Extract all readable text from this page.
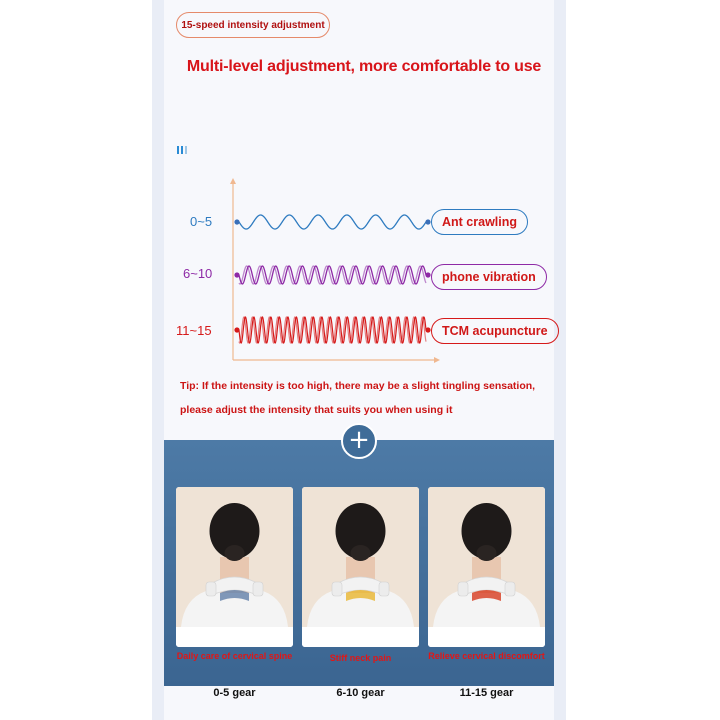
15-speed intensity adjustment
Multi-level adjustment, more comfortable to use
0~5
6~10
11~15
Ant crawling
phone vibration
TCM acupuncture
Tip: If the intensity is too high, there may be a slight tingling sensation,
please adjust the intensity that suits you when using it
+
Daily care of cervical spine	Stiff neck pain	Relieve cervical discomfort
0-5 gear	6-10 gear	11-15 gear
